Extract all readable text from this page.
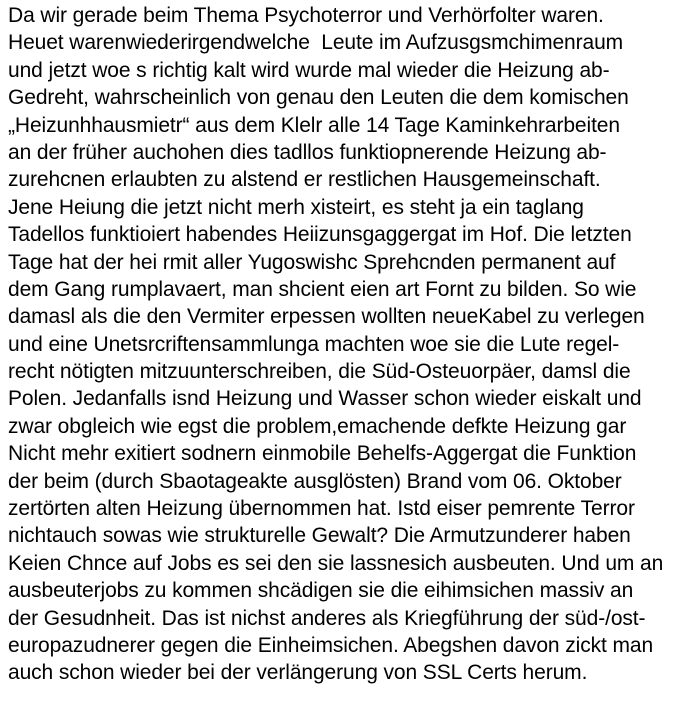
Da wir gerade beim Thema Psychoterror und Verhörfolter waren.
Heuet warenwiederirgendwelche  Leute im Aufzusgsmchimenraum
und jetzt woe s richtig kalt wird wurde mal wieder die Heizung ab-
Gedreht, wahrscheinlich von genau den Leuten die dem komischen
„Heizunhhausmietr“ aus dem Klelr alle 14 Tage Kaminkehrarbeiten
an der früher auchohen dies tadllos funktiopnerende Heizung ab-
zurehcnen erlaubten zu alstend er restlichen Hausgemeinschaft.
Jene Heiung die jetzt nicht merh xisteirt, es steht ja ein taglang
Tadellos funktioiert habendes Heiizunsgaggergat im Hof. Die letzten
Tage hat der hei rmit aller Yugoswishc Sprehcnden permanent auf
dem Gang rumplavaert, man shcient eien art Fornt zu bilden. So wie
damasl als die den Vermiter erpessen wollten neueKabel zu verlegen
und eine Unetsrcriftensammlunga machten woe sie die Lute regel-
recht nötigten mitzuunterschreiben, die Süd-Osteuorpäer, damsl die
Polen. Jedanfalls isnd Heizung und Wasser schon wieder eiskalt und
zwar obgleich wie egst die problem,emachende defkte Heizung gar
Nicht mehr exitiert sodnern einmobile Behelfs-Aggergat die Funktion
der beim (durch Sbaotageakte ausglösten) Brand vom 06. Oktober
zertörten alten Heizung übernommen hat. Istd eiser pemrente Terror
nichtauch sowas wie strukturelle Gewalt? Die Armutzunderer haben
Keien Chnce auf Jobs es sei den sie lassnesich ausbeuten. Und um an
ausbeuterjobs zu kommen shcädigen sie die eihimsichen massiv an
der Gesudnheit. Das ist nichst anderes als Kriegführung der süd-/ost-
europazudnerer gegen die Einheimsichen. Abegshen davon zickt man
auch schon wieder bei der verlängerung von SSL Certs herum.
